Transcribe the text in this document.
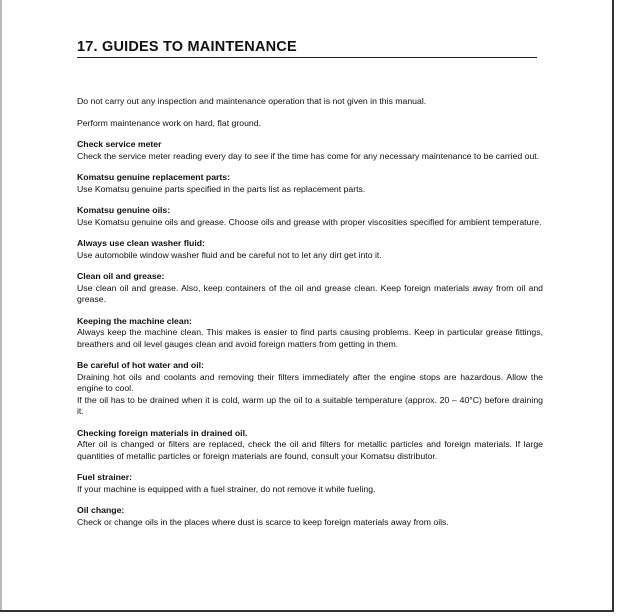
17. GUIDES TO MAINTENANCE

Do not carry out any inspection and maintenance operation that is not given in this manual.

Perform maintenance work on hard, flat ground.

Check service meter

Check the service meter reading every day to see if the time has come for any necessary maintenance to be carried out.

Komatsu genuine replacement parts:

Use Komatsu genuine parts specified in the parts list as replacement parts.

Komatsu genuine oils:

Use Komatsu genuine oils and grease. Choose oils and grease with proper viscosities specified for ambient temperature.

Always use clean washer fluid:

Use automobile window washer fluid and be careful not to let any dirt get into it.

Clean oil and grease:

Use clean oil and grease. Also, keep containers of the oil and grease clean. Keep foreign materials away from oil and grease.

Keeping the machine clean:

Always keep the machine clean. This makes is easier to find parts causing problems. Keep in particular grease fittings, breathers and oil level gauges clean and avoid foreign matters from getting in them.

Be careful of hot water and oil:

Draining hot oils and coolants and removing their filters immediately after the engine stops are hazardous. Allow the engine to cool.

If the oil has to be drained when it is cold, warm up the oil to a suitable temperature (approx. 20 – 40°C) before draining it.

Checking foreign materials in drained oil.

After oil is changed or filters are replaced, check the oil and filters for metallic particles and foreign materials. If large quantities of metallic particles or foreign materials are found, consult your Komatsu distributor.

Fuel strainer:

If your machine is equipped with a fuel strainer, do not remove it while fueling.

Oil change:

Check or change oils in the places where dust is scarce to keep foreign materials away from oils.
